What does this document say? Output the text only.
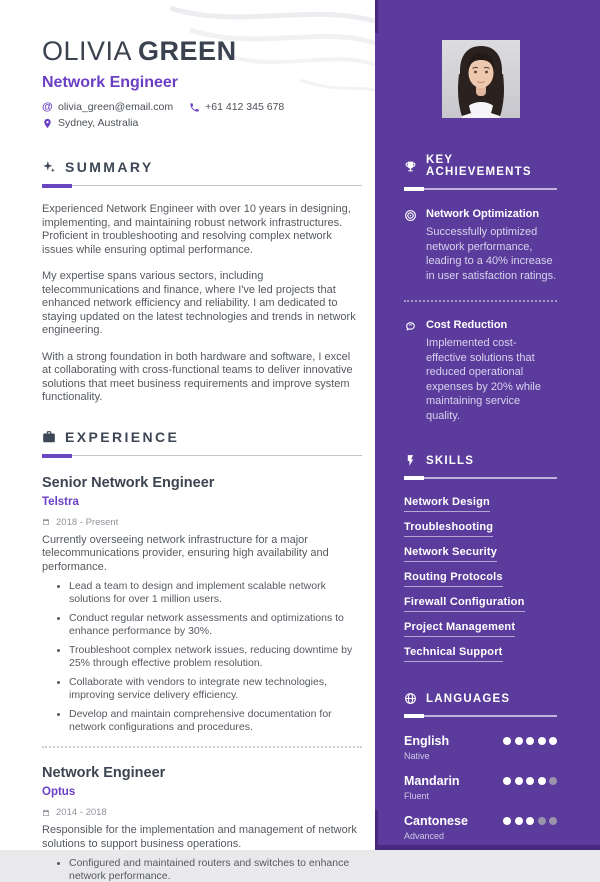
OLIVIA GREEN
Network Engineer
@ olivia_green@email.com	+61 412 345 678
Sydney, Australia
SUMMARY

Experienced Network Engineer with over 10 years in designing, implementing, and maintaining robust network infrastructures. Proficient in troubleshooting and resolving complex network issues while ensuring optimal performance.

My expertise spans various sectors, including telecommunications and finance, where I've led projects that enhanced network efficiency and reliability. I am dedicated to staying updated on the latest technologies and trends in network engineering.

With a strong foundation in both hardware and software, I excel at collaborating with cross-functional teams to deliver innovative solutions that meet business requirements and improve system functionality.

EXPERIENCE
Senior Network Engineer
Telstra
2018 - Present
Currently overseeing network infrastructure for a major telecommunications provider, ensuring high availability and performance.
• Lead a team to design and implement scalable network solutions for over 1 million users.
• Conduct regular network assessments and optimizations to enhance performance by 30%.
• Troubleshoot complex network issues, reducing downtime by 25% through effective problem resolution.
• Collaborate with vendors to integrate new technologies, improving service delivery efficiency.
• Develop and maintain comprehensive documentation for network configurations and procedures.
Network Engineer
Optus
2014 - 2018
Responsible for the implementation and management of network solutions to support business operations.
• Configured and maintained routers and switches to enhance network performance.
KEY ACHIEVEMENTS
Network Optimization
Successfully optimized network performance, leading to a 40% increase in user satisfaction ratings.
Cost Reduction
Implemented cost-effective solutions that reduced operational expenses by 20% while maintaining service quality.
SKILLS
Network Design
Troubleshooting
Network Security
Routing Protocols
Firewall Configuration
Project Management
Technical Support
LANGUAGES
English
Native
Mandarin
Fluent
Cantonese
Advanced
